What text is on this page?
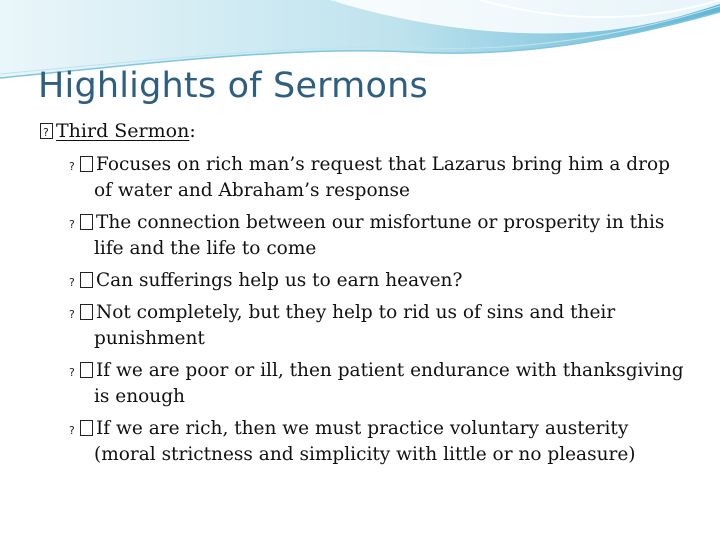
Highlights of Sermons
?Third Sermon:
?Focuses on rich man’s request that Lazarus bring him a drop of water and Abraham’s response
?The connection between our misfortune or prosperity in this life and the life to come
?Can sufferings help us to earn heaven?
?Not completely, but they help to rid us of sins and their punishment
?If we are poor or ill, then patient endurance with thanksgiving is enough
?If we are rich, then we must practice voluntary austerity (moral strictness and simplicity with little or no pleasure)
